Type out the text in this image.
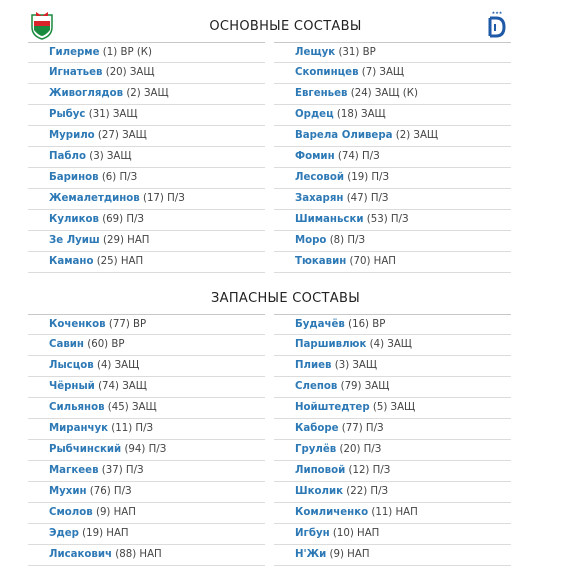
★★★
ОСНОВНЫЕ СОСТАВЫ
Гилерме (1) ВР (К)
Игнатьев (20) ЗАЩ
Живоглядов (2) ЗАЩ
Рыбус (31) ЗАЩ
Мурило (27) ЗАЩ
Пабло (3) ЗАЩ
Баринов (6) П/З
Жемалетдинов (17) П/З
Куликов (69) П/З
Зе Луиш (29) НАП
Камано (25) НАП
Лещук (31) ВР
Скопинцев (7) ЗАЩ
Евгеньев (24) ЗАЩ (К)
Ордец (18) ЗАЩ
Варела Оливера (2) ЗАЩ
Фомин (74) П/З
Лесовой (19) П/З
Захарян (47) П/З
Шиманьски (53) П/З
Моро (8) П/З
Тюкавин (70) НАП
ЗАПАСНЫЕ СОСТАВЫ
Коченков (77) ВР
Савин (60) ВР
Лысцов (4) ЗАЩ
Чёрный (74) ЗАЩ
Сильянов (45) ЗАЩ
Миранчук (11) П/З
Рыбчинский (94) П/З
Магкеев (37) П/З
Мухин (76) П/З
Смолов (9) НАП
Эдер (19) НАП
Лисакович (88) НАП
Будачёв (16) ВР
Паршивлюк (4) ЗАЩ
Плиев (3) ЗАЩ
Слепов (79) ЗАЩ
Нойштедтер (5) ЗАЩ
Каборе (77) П/З
Грулёв (20) П/З
Липовой (12) П/З
Школик (22) П/З
Комличенко (11) НАП
Игбун (10) НАП
Н'Жи (9) НАП
